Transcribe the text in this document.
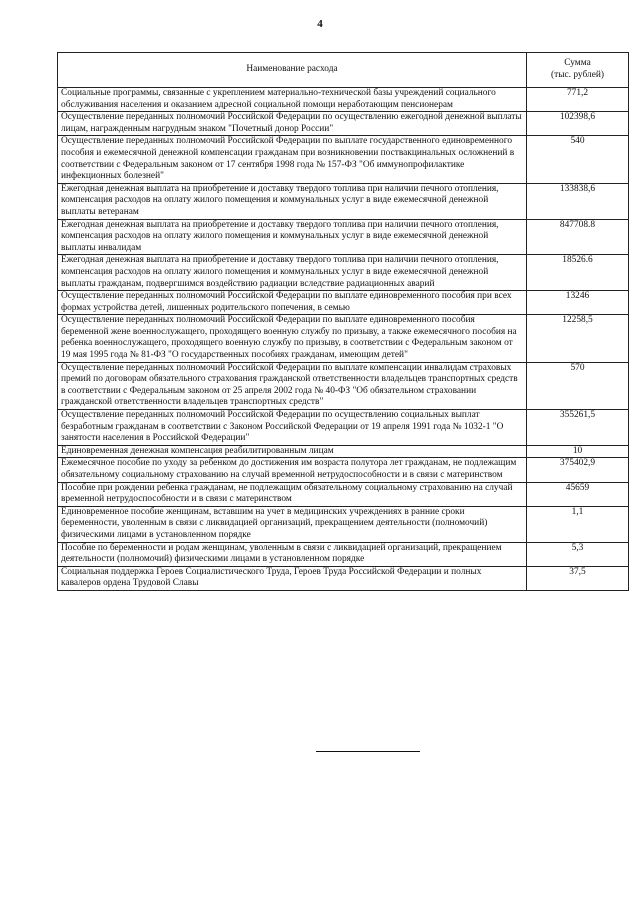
4
Наименование расхода	Сумма
(тыс. рублей)
Социальные программы, связанные с укреплением материально-технической базы учреждений социального обслуживания населения и оказанием адресной социальной помощи неработающим пенсионерам	771,2
Осуществление переданных полномочий Российской Федерации по осуществлению ежегодной денежной выплаты лицам, награжденным нагрудным знаком "Почетный донор России"	102398,6
Осуществление переданных полномочий Российской Федерации по выплате государственного единовременного пособия и ежемесячной денежной компенсации гражданам при возникновении поствакцинальных осложнений в соответствии с Федеральным законом от 17 сентября 1998 года № 157-ФЗ "Об иммунопрофилактике инфекционных болезней"	540
Ежегодная денежная выплата на приобретение и доставку твердого топлива при наличии печного отопления, компенсация расходов на оплату жилого помещения и коммунальных услуг в виде ежемесячной денежной выплаты ветеранам	133838,6
Ежегодная денежная выплата на приобретение и доставку твердого топлива при наличии печного отопления, компенсация расходов на оплату жилого помещения и коммунальных услуг в виде ежемесячной денежной выплаты инвалидам	847708.8
Ежегодная денежная выплата на приобретение и доставку твердого топлива при наличии печного отопления, компенсация расходов на оплату жилого помещения и коммунальных услуг в виде ежемесячной денежной выплаты гражданам, подвергшимся воздействию радиации вследствие радиационных аварий	18526.6
Осуществление переданных полномочий Российской Федерации по выплате единовременного пособия при всех формах устройства детей, лишенных родительского попечения, в семью	13246
Осуществление переданных полномочий Российской Федерации по выплате единовременного пособия беременной жене военнослужащего, проходящего военную службу по призыву, а также ежемесячного пособия на ребенка военнослужащего, проходящего военную службу по призыву, в соответствии с Федеральным законом от 19 мая 1995 года № 81-ФЗ "О государственных пособиях гражданам, имеющим детей"	12258,5
Осуществление переданных полномочий Российской Федерации по выплате компенсации инвалидам страховых премий по договорам обязательного страхования гражданской ответственности владельцев транспортных средств в соответствии с Федеральным законом от 25 апреля 2002 года № 40-ФЗ "Об обязательном страховании гражданской ответственности владельцев транспортных средств"	570
Осуществление переданных полномочий Российской Федерации по осуществлению социальных выплат безработным гражданам в соответствии с Законом Российской Федерации от 19 апреля 1991 года № 1032-1 "О занятости населения в Российской Федерации"	355261,5
Единовременная денежная компенсация реабилитированным лицам	10
Ежемесячное пособие по уходу за ребенком до достижения им возраста полутора лет гражданам, не подлежащим обязательному социальному страхованию на случай временной нетрудоспособности и в связи с материнством	375402,9
Пособие при рождении ребенка гражданам, не подлежащим обязательному социальному страхованию на случай временной нетрудоспособности и в связи с материнством	45659
Единовременное пособие женщинам, вставшим на учет в медицинских учреждениях в ранние сроки беременности, уволенным в связи с ликвидацией организаций, прекращением деятельности (полномочий) физическими лицами в установленном порядке	1,1
Пособие по беременности и родам женщинам, уволенным в связи с ликвидацией организаций, прекращением деятельности (полномочий) физическими лицами в установленном порядке	5,3
Социальная поддержка Героев Социалистического Труда, Героев Труда Российской Федерации и полных кавалеров ордена Трудовой Славы	37,5
